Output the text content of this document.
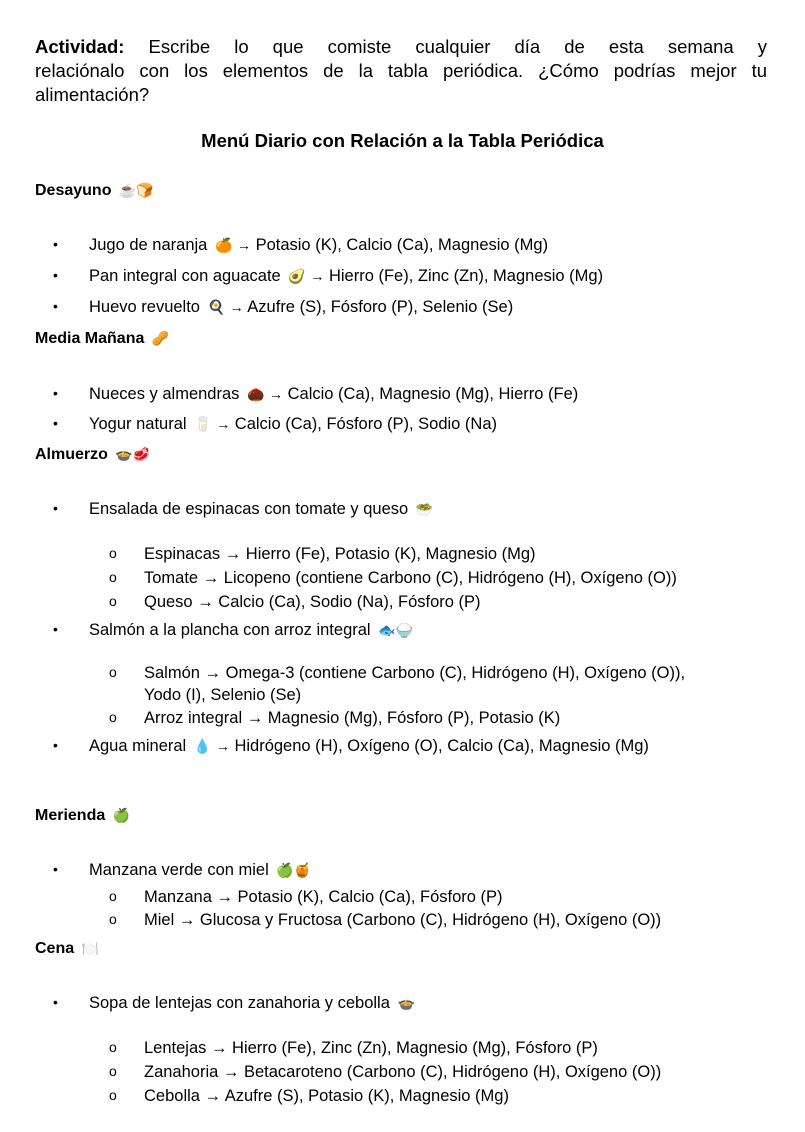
Actividad: Escribe lo que comiste cualquier día de esta semana y
relaciónalo con los elementos de la tabla periódica. ¿Cómo podrías mejor tu
alimentación?
Menú Diario con Relación a la Tabla Periódica
Desayuno ☕🍞
• Jugo de naranja 🍊 → Potasio (K), Calcio (Ca), Magnesio (Mg)
• Pan integral con aguacate 🥑 → Hierro (Fe), Zinc (Zn), Magnesio (Mg)
• Huevo revuelto 🍳 → Azufre (S), Fósforo (P), Selenio (Se)
Media Mañana 🥜
• Nueces y almendras 🌰 → Calcio (Ca), Magnesio (Mg), Hierro (Fe)
• Yogur natural 🥛 → Calcio (Ca), Fósforo (P), Sodio (Na)
Almuerzo 🍲🥩
• Ensalada de espinacas con tomate y queso 🥗
o Espinacas → Hierro (Fe), Potasio (K), Magnesio (Mg)
o Tomate → Licopeno (contiene Carbono (C), Hidrógeno (H), Oxígeno (O))
o Queso → Calcio (Ca), Sodio (Na), Fósforo (P)
• Salmón a la plancha con arroz integral 🐟🍚
o Salmón → Omega-3 (contiene Carbono (C), Hidrógeno (H), Oxígeno (O)),
Yodo (I), Selenio (Se)
o Arroz integral → Magnesio (Mg), Fósforo (P), Potasio (K)
• Agua mineral 💧 → Hidrógeno (H), Oxígeno (O), Calcio (Ca), Magnesio (Mg)
Merienda 🍏
• Manzana verde con miel 🍏🍯
o Manzana → Potasio (K), Calcio (Ca), Fósforo (P)
o Miel → Glucosa y Fructosa (Carbono (C), Hidrógeno (H), Oxígeno (O))
Cena 🍽️
• Sopa de lentejas con zanahoria y cebolla 🍲
o Lentejas → Hierro (Fe), Zinc (Zn), Magnesio (Mg), Fósforo (P)
o Zanahoria → Betacaroteno (Carbono (C), Hidrógeno (H), Oxígeno (O))
o Cebolla → Azufre (S), Potasio (K), Magnesio (Mg)
